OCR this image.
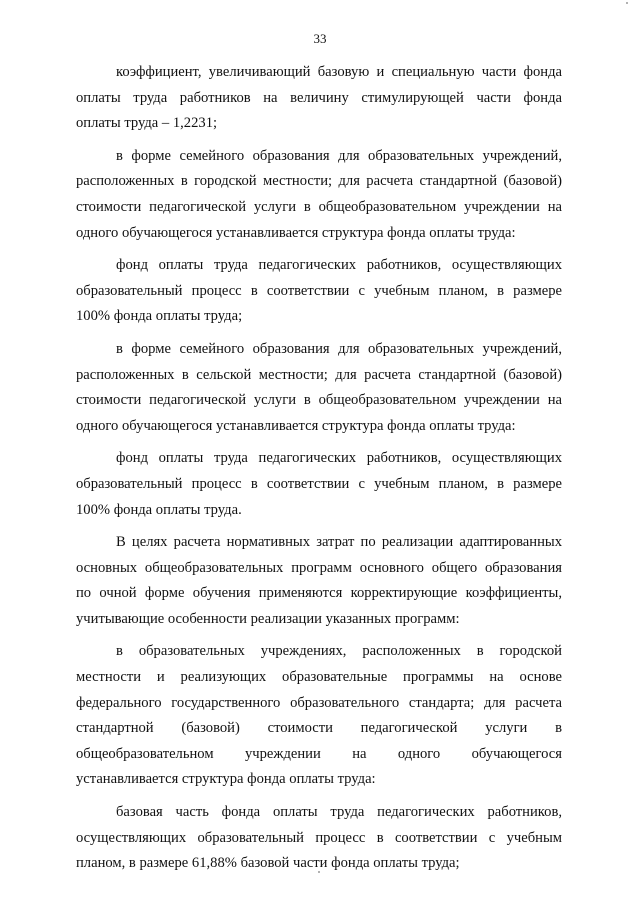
33

коэффициент, увеличивающий базовую и специальную части фонда
оплаты труда работников на величину стимулирующей части фонда
оплаты труда – 1,2231;

в форме семейного образования для образовательных учреждений,
расположенных в городской местности; для расчета стандартной (базовой)
стоимости педагогической услуги в общеобразовательном учреждении на
одного обучающегося устанавливается структура фонда оплаты труда:

фонд оплаты труда педагогических работников, осуществляющих
образовательный процесс в соответствии с учебным планом, в размере
100% фонда оплаты труда;

в форме семейного образования для образовательных учреждений,
расположенных в сельской местности; для расчета стандартной (базовой)
стоимости педагогической услуги в общеобразовательном учреждении на
одного обучающегося устанавливается структура фонда оплаты труда:

фонд оплаты труда педагогических работников, осуществляющих
образовательный процесс в соответствии с учебным планом, в размере
100% фонда оплаты труда.

В целях расчета нормативных затрат по реализации адаптированных
основных общеобразовательных программ основного общего образования
по очной форме обучения применяются корректирующие коэффициенты,
учитывающие особенности реализации указанных программ:

в образовательных учреждениях, расположенных в городской
местности и реализующих образовательные программы на основе
федерального государственного образовательного стандарта; для расчета
стандартной (базовой) стоимости педагогической услуги в
общеобразовательном учреждении на одного обучающегося
устанавливается структура фонда оплаты труда:

базовая часть фонда оплаты труда педагогических работников,
осуществляющих образовательный процесс в соответствии с учебным
планом, в размере 61,88% базовой части фонда оплаты труда;
